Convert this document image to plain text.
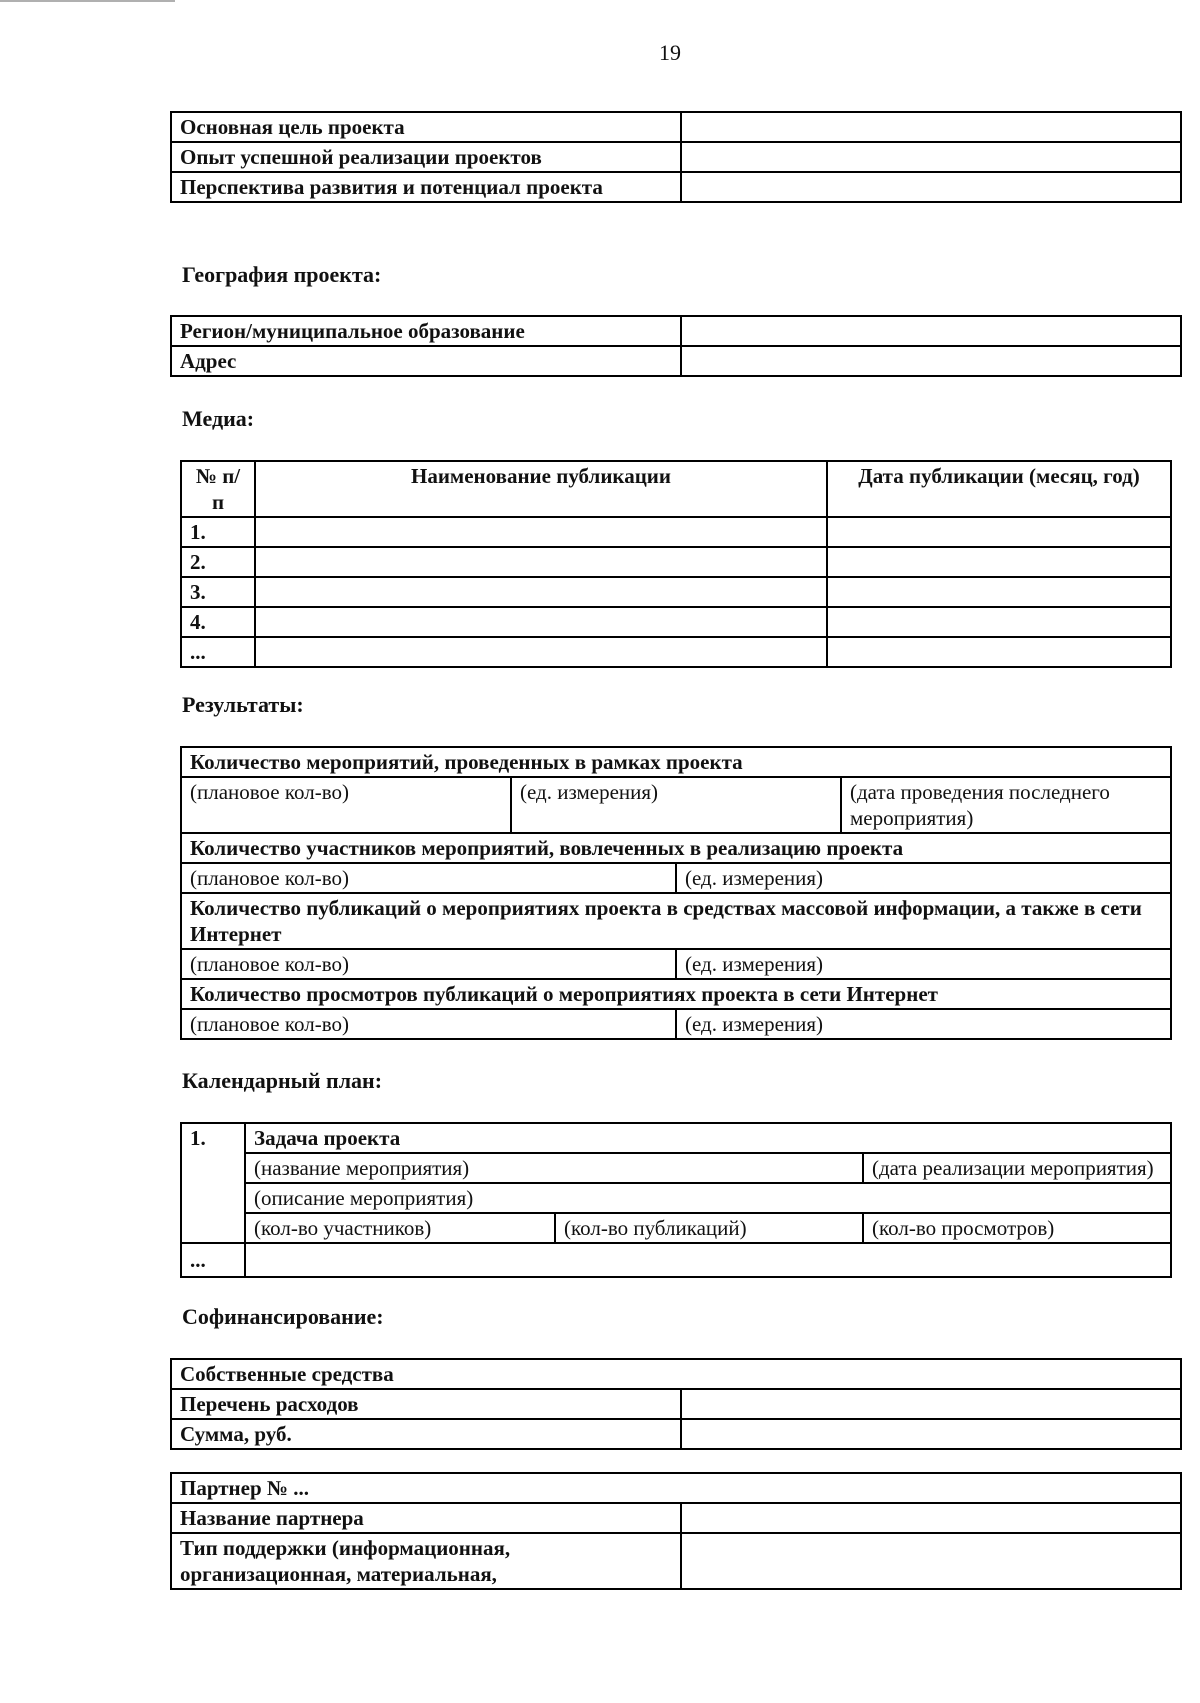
19
Основная цель проекта	
Опыт успешной реализации проектов	
Перспектива развития и потенциал проекта	
География проекта:
Регион/муниципальное образование	
Адрес	
Медиа:
№ п/п	Наименование публикации	Дата публикации (месяц, год)
1.		
2.		
3.		
4.		
...		
Результаты:
Количество мероприятий, проведенных в рамках проекта			
(плановое кол-во)	(ед. измерения)		(дата проведения последнего мероприятия)
Количество участников мероприятий, вовлеченных в реализацию проекта			
(плановое кол-во)		(ед. измерения)	
Количество публикаций о мероприятиях проекта в средствах массовой информации, а также в сети Интернет			
(плановое кол-во)		(ед. измерения)	
Количество просмотров публикаций о мероприятиях проекта в сети Интернет			
(плановое кол-во)		(ед. измерения)	
Календарный план:
1.	Задача проекта		
	(название мероприятия)		(дата реализации мероприятия)
	(описание мероприятия)		
	(кол-во участников)	(кол-во публикаций)	(кол-во просмотров)
...			
Софинансирование:
Собственные средства	
Перечень расходов	
Сумма, руб.	
Партнер № ...	
Название партнера	
Тип поддержки (информационная, организационная, материальная,	
